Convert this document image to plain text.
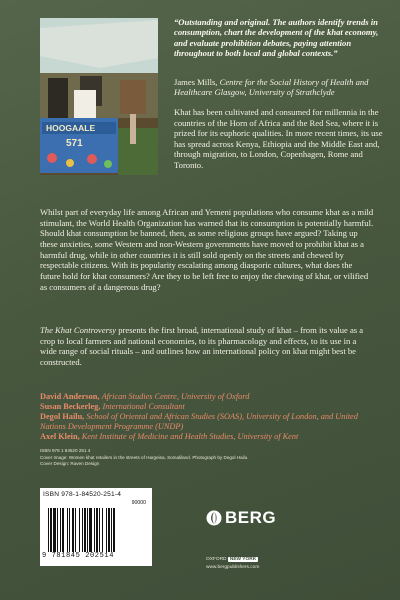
HOOGAALE
571
“Outstanding and original. The authors identify trends in consumption, chart the development of the khat economy, and evaluate prohibition debates, paying attention throughout to both local and global contexts.”
James Mills, Centre for the Social History of Health and Healthcare Glasgow, University of Strathclyde
Khat has been cultivated and consumed for millennia in the countries of the Horn of Africa and the Red Sea, where it is prized for its euphoric qualities. In more recent times, its use has spread across Kenya, Ethiopia and the Middle East and, through migration, to London, Copenhagen, Rome and Toronto.
Whilst part of everyday life among African and Yemeni populations who consume khat as a mild stimulant, the World Health Organization has warned that its consumption is potentially harmful. Should khat consumption be banned, then, as some religious groups have argued? Taking up these anxieties, some Western and non-Western governments have moved to prohibit khat as a harmful drug, while in other countries it is still sold openly on the streets and chewed by respectable citizens. With its popularity escalating among diasporic cultures, what does the future hold for khat consumers? Are they to be left free to enjoy the chewing of khat, or vilified as consumers of a dangerous drug?
The Khat Controversy presents the first broad, international study of khat – from its value as a crop to local farmers and national economies, to its pharmacology and effects, to its use in a wide range of social rituals – and outlines how an international policy on khat might best be constructed.
David Anderson, African Studies Centre, University of Oxford
Susan Beckerleg, International Consultant
Degol Hailu, School of Oriental and African Studies (SOAS), University of London, and United Nations Development Programme (UNDP)
Axel Klein, Kent Institute of Medicine and Health Studies, University of Kent
ISBN 978 1 84520 251 4
Cover Image: Women khat retailers in the streets of Hargeisa, Somaliland. Photograph by Degol Hailu.
Cover Design: Raven Design
ISBN 978-1-84520-251-4
90000
9 781845 202514
BERG
OXFORD NEW YORK
www.bergpublishers.com
